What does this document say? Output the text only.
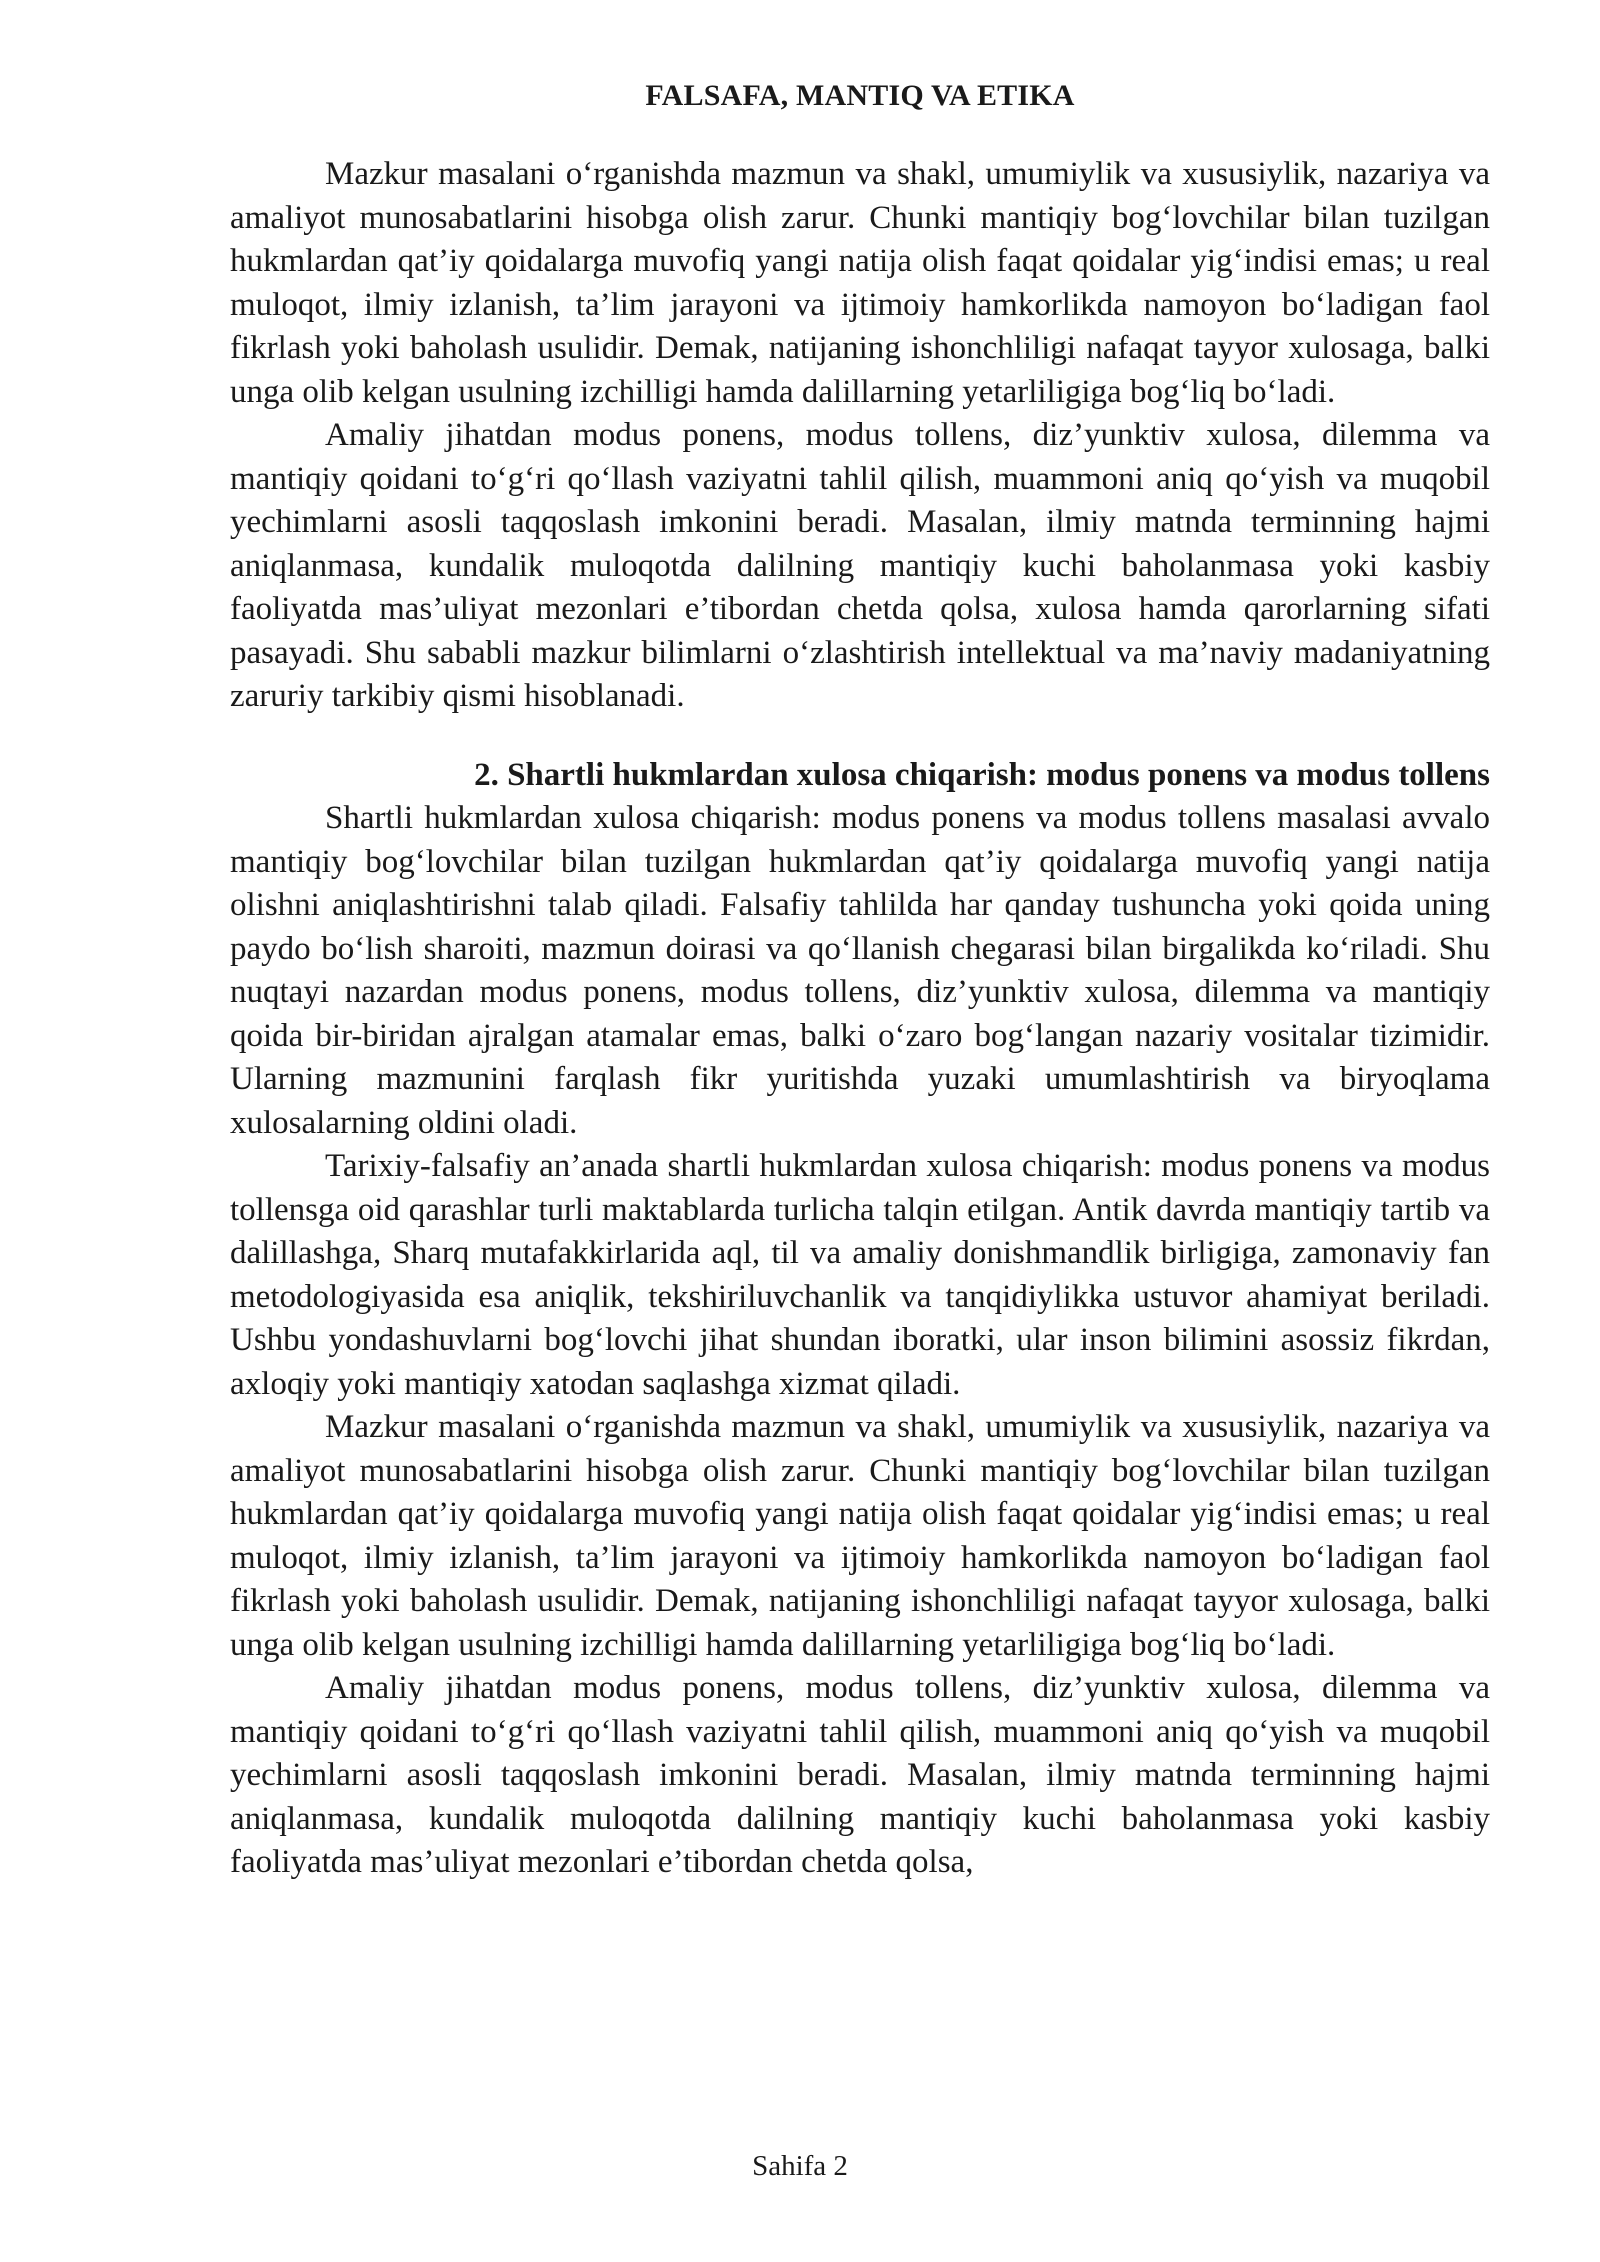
FALSAFA, MANTIQ VA ETIKA

Mazkur masalani o‘rganishda mazmun va shakl, umumiylik va xususiylik, nazariya va amaliyot munosabatlarini hisobga olish zarur. Chunki mantiqiy bog‘lovchilar bilan tuzilgan hukmlardan qat’iy qoidalarga muvofiq yangi natija olish faqat qoidalar yig‘indisi emas; u real muloqot, ilmiy izlanish, ta’lim jarayoni va ijtimoiy hamkorlikda namoyon bo‘ladigan faol fikrlash yoki baholash usulidir. Demak, natijaning ishonchliligi nafaqat tayyor xulosaga, balki unga olib kelgan usulning izchilligi hamda dalillarning yetarliligiga bog‘liq bo‘ladi.

Amaliy jihatdan modus ponens, modus tollens, diz’yunktiv xulosa, dilemma va mantiqiy qoidani to‘g‘ri qo‘llash vaziyatni tahlil qilish, muammoni aniq qo‘yish va muqobil yechimlarni asosli taqqoslash imkonini beradi. Masalan, ilmiy matnda terminning hajmi aniqlanmasa, kundalik muloqotda dalilning mantiqiy kuchi baholanmasa yoki kasbiy faoliyatda mas’uliyat mezonlari e’tibordan chetda qolsa, xulosa hamda qarorlarning sifati pasayadi. Shu sababli mazkur bilimlarni o‘zlashtirish intellektual va ma’naviy madaniyatning zaruriy tarkibiy qismi hisoblanadi.

2. Shartli hukmlardan xulosa chiqarish: modus ponens va modus tollens

Shartli hukmlardan xulosa chiqarish: modus ponens va modus tollens masalasi avvalo mantiqiy bog‘lovchilar bilan tuzilgan hukmlardan qat’iy qoidalarga muvofiq yangi natija olishni aniqlashtirishni talab qiladi. Falsafiy tahlilda har qanday tushuncha yoki qoida uning paydo bo‘lish sharoiti, mazmun doirasi va qo‘llanish chegarasi bilan birgalikda ko‘riladi. Shu nuqtayi nazardan modus ponens, modus tollens, diz’yunktiv xulosa, dilemma va mantiqiy qoida bir-biridan ajralgan atamalar emas, balki o‘zaro bog‘langan nazariy vositalar tizimidir. Ularning mazmunini farqlash fikr yuritishda yuzaki umumlashtirish va biryoqlama xulosalarning oldini oladi.

Tarixiy-falsafiy an’anada shartli hukmlardan xulosa chiqarish: modus ponens va modus tollensga oid qarashlar turli maktablarda turlicha talqin etilgan. Antik davrda mantiqiy tartib va dalillashga, Sharq mutafakkirlarida aql, til va amaliy donishmandlik birligiga, zamonaviy fan metodologiyasida esa aniqlik, tekshiriluvchanlik va tanqidiylikka ustuvor ahamiyat beriladi. Ushbu yondashuvlarni bog‘lovchi jihat shundan iboratki, ular inson bilimini asossiz fikrdan, axloqiy yoki mantiqiy xatodan saqlashga xizmat qiladi.

Mazkur masalani o‘rganishda mazmun va shakl, umumiylik va xususiylik, nazariya va amaliyot munosabatlarini hisobga olish zarur. Chunki mantiqiy bog‘lovchilar bilan tuzilgan hukmlardan qat’iy qoidalarga muvofiq yangi natija olish faqat qoidalar yig‘indisi emas; u real muloqot, ilmiy izlanish, ta’lim jarayoni va ijtimoiy hamkorlikda namoyon bo‘ladigan faol fikrlash yoki baholash usulidir. Demak, natijaning ishonchliligi nafaqat tayyor xulosaga, balki unga olib kelgan usulning izchilligi hamda dalillarning yetarliligiga bog‘liq bo‘ladi.

Amaliy jihatdan modus ponens, modus tollens, diz’yunktiv xulosa, dilemma va mantiqiy qoidani to‘g‘ri qo‘llash vaziyatni tahlil qilish, muammoni aniq qo‘yish va muqobil yechimlarni asosli taqqoslash imkonini beradi. Masalan, ilmiy matnda terminning hajmi aniqlanmasa, kundalik muloqotda dalilning mantiqiy kuchi baholanmasa yoki kasbiy faoliyatda mas’uliyat mezonlari e’tibordan chetda qolsa,

Sahifa 2
